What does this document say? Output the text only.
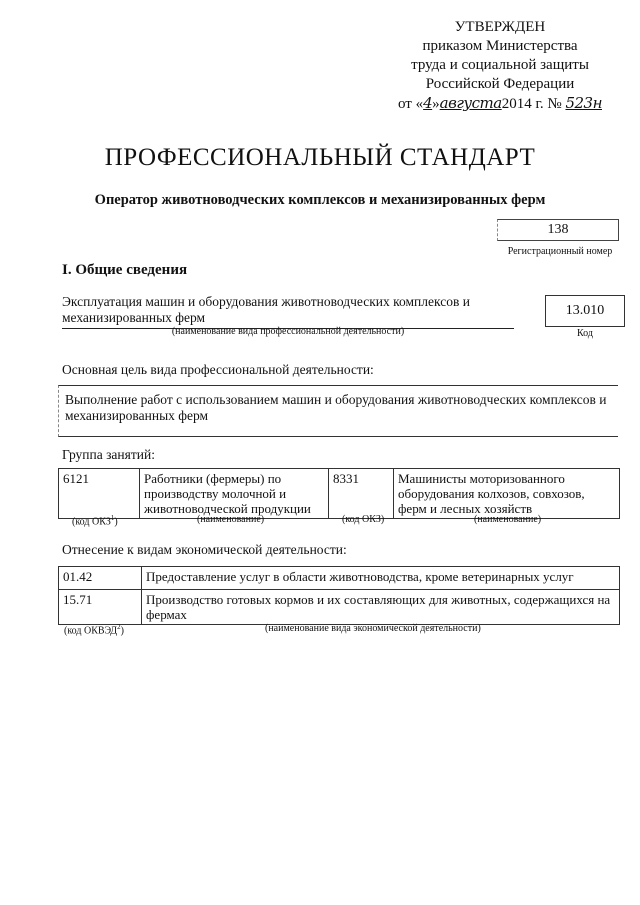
УТВЕРЖДЕН
приказом Министерства
труда и социальной защиты
Российской Федерации
от «4»августа2014 г. № 523н
ПРОФЕССИОНАЛЬНЫЙ СТАНДАРТ
Оператор животноводческих комплексов и механизированных ферм
138
Регистрационный номер
I. Общие сведения
Эксплуатация машин и оборудования животноводческих комплексов и механизированных ферм
(наименование вида профессиональной деятельности)
13.010
Код
Основная цель вида профессиональной деятельности:
Выполнение работ с использованием машин и оборудования животноводческих комплексов и механизированных ферм
Группа занятий:
6121	Работники (фермеры) по производству молочной и животноводческой продукции	8331	Машинисты моторизованного оборудования колхозов, совхозов, ферм и лесных хозяйств
(код ОКЗ$^1$)	(наименование)	(код ОКЗ)	(наименование)
Отнесение к видам экономической деятельности:
01.42	Предоставление услуг в области животноводства, кроме ветеринарных услуг
15.71	Производство готовых кормов и их составляющих для животных, содержащихся на фермах
(код ОКВЭД$^2$)	(наименование вида экономической деятельности)
